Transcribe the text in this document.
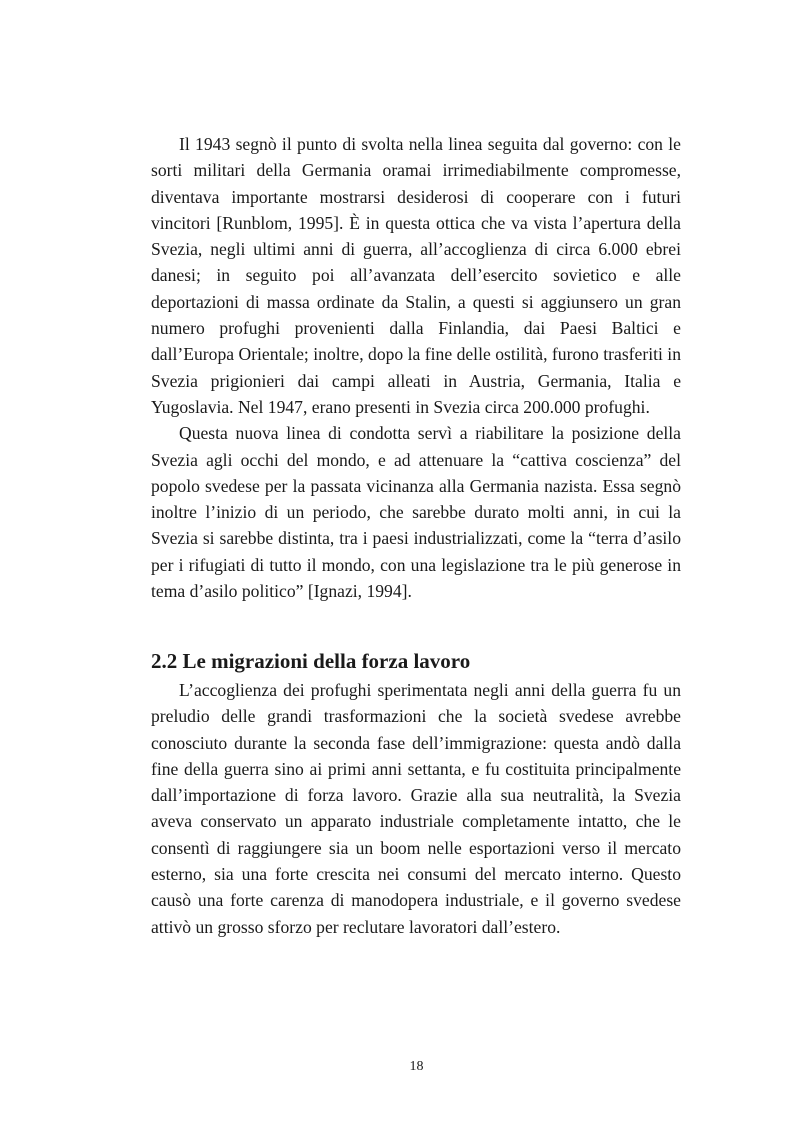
Il 1943 segnò il punto di svolta nella linea seguita dal governo: con le sorti militari della Germania oramai irrimediabilmente compromesse, diventava importante mostrarsi desiderosi di cooperare con i futuri vincitori [Runblom, 1995]. È in questa ottica che va vista l’apertura della Svezia, negli ultimi anni di guerra, all’accoglienza di circa 6.000 ebrei danesi; in seguito poi all’avanzata dell’esercito sovietico e alle deportazioni di massa ordinate da Stalin, a questi si aggiunsero un gran numero profughi provenienti dalla Finlandia, dai Paesi Baltici e dall’Europa Orientale; inoltre, dopo la fine delle ostilità, furono trasferiti in Svezia prigionieri dai campi alleati in Austria, Germania, Italia e Yugoslavia. Nel 1947, erano presenti in Svezia circa 200.000 profughi.

Questa nuova linea di condotta servì a riabilitare la posizione della Svezia agli occhi del mondo, e ad attenuare la “cattiva coscienza” del popolo svedese per la passata vicinanza alla Germania nazista. Essa segnò inoltre l’inizio di un periodo, che sarebbe durato molti anni, in cui la Svezia si sarebbe distinta, tra i paesi industrializzati, come la “terra d’asilo per i rifugiati di tutto il mondo, con una legislazione tra le più generose in tema d’asilo politico” [Ignazi, 1994].

2.2 Le migrazioni della forza lavoro

L’accoglienza dei profughi sperimentata negli anni della guerra fu un preludio delle grandi trasformazioni che la società svedese avrebbe conosciuto durante la seconda fase dell’immigrazione: questa andò dalla fine della guerra sino ai primi anni settanta, e fu costituita principalmente dall’importazione di forza lavoro. Grazie alla sua neutralità, la Svezia aveva conservato un apparato industriale completamente intatto, che le consentì di raggiungere sia un boom nelle esportazioni verso il mercato esterno, sia una forte crescita nei consumi del mercato interno. Questo causò una forte carenza di manodopera industriale, e il governo svedese attivò un grosso sforzo per reclutare lavoratori dall’estero.

18
